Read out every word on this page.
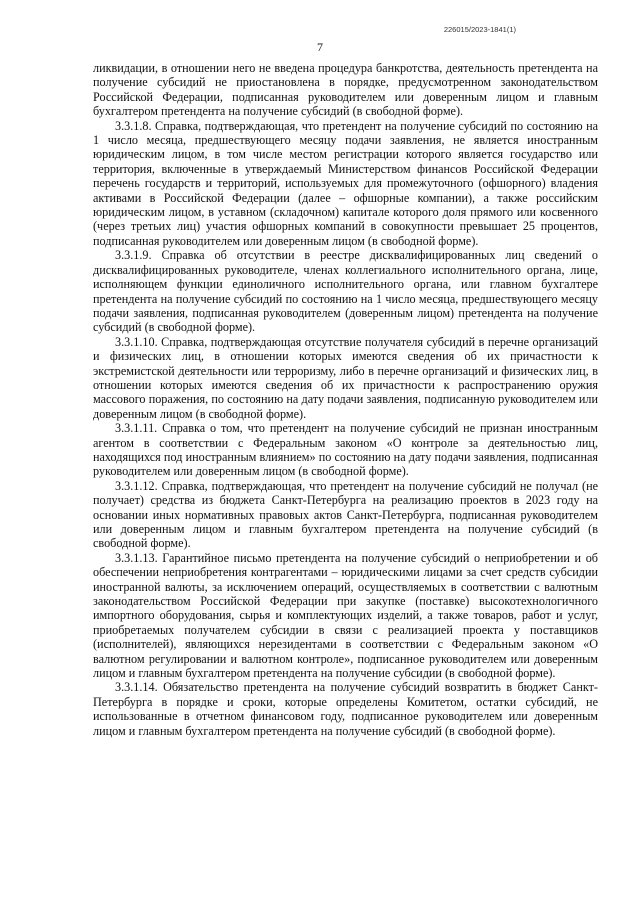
226015/2023-1841(1)
7

ликвидации, в отношении него не введена процедура банкротства, деятельность претендента на получение субсидий не приостановлена в порядке, предусмотренном законодательством Российской Федерации, подписанная руководителем или доверенным лицом и главным бухгалтером претендента на получение субсидий (в свободной форме).

3.3.1.8. Справка, подтверждающая, что претендент на получение субсидий по состоянию на 1 число месяца, предшествующего месяцу подачи заявления, не является иностранным юридическим лицом, в том числе местом регистрации которого является государство или территория, включенные в утверждаемый Министерством финансов Российской Федерации перечень государств и территорий, используемых для промежуточного (офшорного) владения активами в Российской Федерации (далее – офшорные компании), а также российским юридическим лицом, в уставном (складочном) капитале которого доля прямого или косвенного (через третьих лиц) участия офшорных компаний в совокупности превышает 25 процентов, подписанная руководителем или доверенным лицом (в свободной форме).

3.3.1.9. Справка об отсутствии в реестре дисквалифицированных лиц сведений о дисквалифицированных руководителе, членах коллегиального исполнительного органа, лице, исполняющем функции единоличного исполнительного органа, или главном бухгалтере претендента на получение субсидий по состоянию на 1 число месяца, предшествующего месяцу подачи заявления, подписанная руководителем (доверенным лицом) претендента на получение субсидий (в свободной форме).

3.3.1.10. Справка, подтверждающая отсутствие получателя субсидий в перечне организаций и физических лиц, в отношении которых имеются сведения об их причастности к экстремистской деятельности или терроризму, либо в перечне организаций и физических лиц, в отношении которых имеются сведения об их причастности к распространению оружия массового поражения, по состоянию на дату подачи заявления, подписанную руководителем или доверенным лицом (в свободной форме).

3.3.1.11. Справка о том, что претендент на получение субсидий не признан иностранным агентом в соответствии с Федеральным законом «О контроле за деятельностью лиц, находящихся под иностранным влиянием» по состоянию на дату подачи заявления, подписанная руководителем или доверенным лицом (в свободной форме).

3.3.1.12. Справка, подтверждающая, что претендент на получение субсидий не получал (не получает) средства из бюджета Санкт-Петербурга на реализацию проектов в 2023 году на основании иных нормативных правовых актов Санкт-Петербурга, подписанная руководителем или доверенным лицом и главным бухгалтером претендента на получение субсидий (в свободной форме).

3.3.1.13. Гарантийное письмо претендента на получение субсидий о неприобретении и об обеспечении неприобретения контрагентами – юридическими лицами за счет средств субсидии иностранной валюты, за исключением операций, осуществляемых в соответствии с валютным законодательством Российской Федерации при закупке (поставке) высокотехнологичного импортного оборудования, сырья и комплектующих изделий, а также товаров, работ и услуг, приобретаемых получателем субсидии в связи с реализацией проекта у поставщиков (исполнителей), являющихся нерезидентами в соответствии с Федеральным законом «О валютном регулировании и валютном контроле», подписанное руководителем или доверенным лицом и главным бухгалтером претендента на получение субсидии (в свободной форме).

3.3.1.14. Обязательство претендента на получение субсидий возвратить в бюджет Санкт-Петербурга в порядке и сроки, которые определены Комитетом, остатки субсидий, не использованные в отчетном финансовом году, подписанное руководителем или доверенным лицом и главным бухгалтером претендента на получение субсидий (в свободной форме).
